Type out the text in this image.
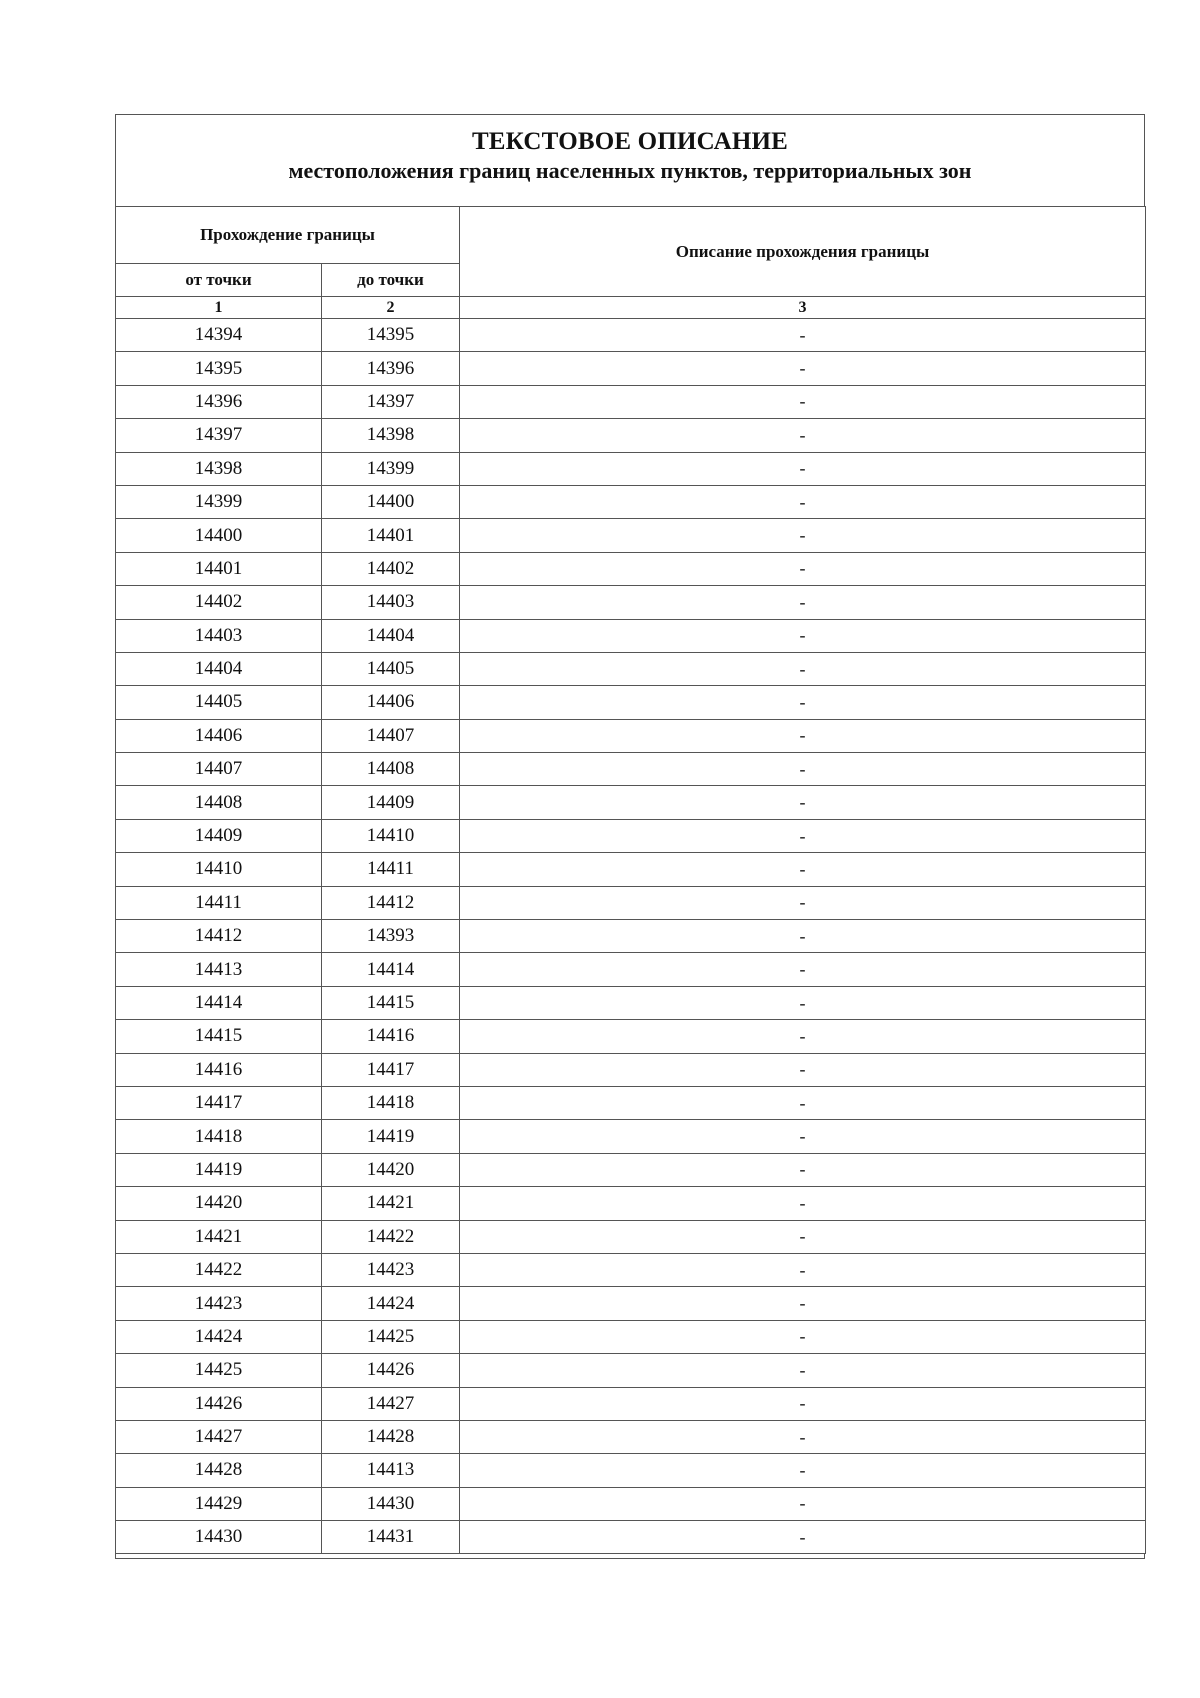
ТЕКСТОВОЕ ОПИСАНИЕ
местоположения границ населенных пунктов, территориальных зон
Прохождение границы		Описание прохождения границы
от точки	до точки	
1	2	3
14394	14395	-
14395	14396	-
14396	14397	-
14397	14398	-
14398	14399	-
14399	14400	-
14400	14401	-
14401	14402	-
14402	14403	-
14403	14404	-
14404	14405	-
14405	14406	-
14406	14407	-
14407	14408	-
14408	14409	-
14409	14410	-
14410	14411	-
14411	14412	-
14412	14393	-
14413	14414	-
14414	14415	-
14415	14416	-
14416	14417	-
14417	14418	-
14418	14419	-
14419	14420	-
14420	14421	-
14421	14422	-
14422	14423	-
14423	14424	-
14424	14425	-
14425	14426	-
14426	14427	-
14427	14428	-
14428	14413	-
14429	14430	-
14430	14431	-
